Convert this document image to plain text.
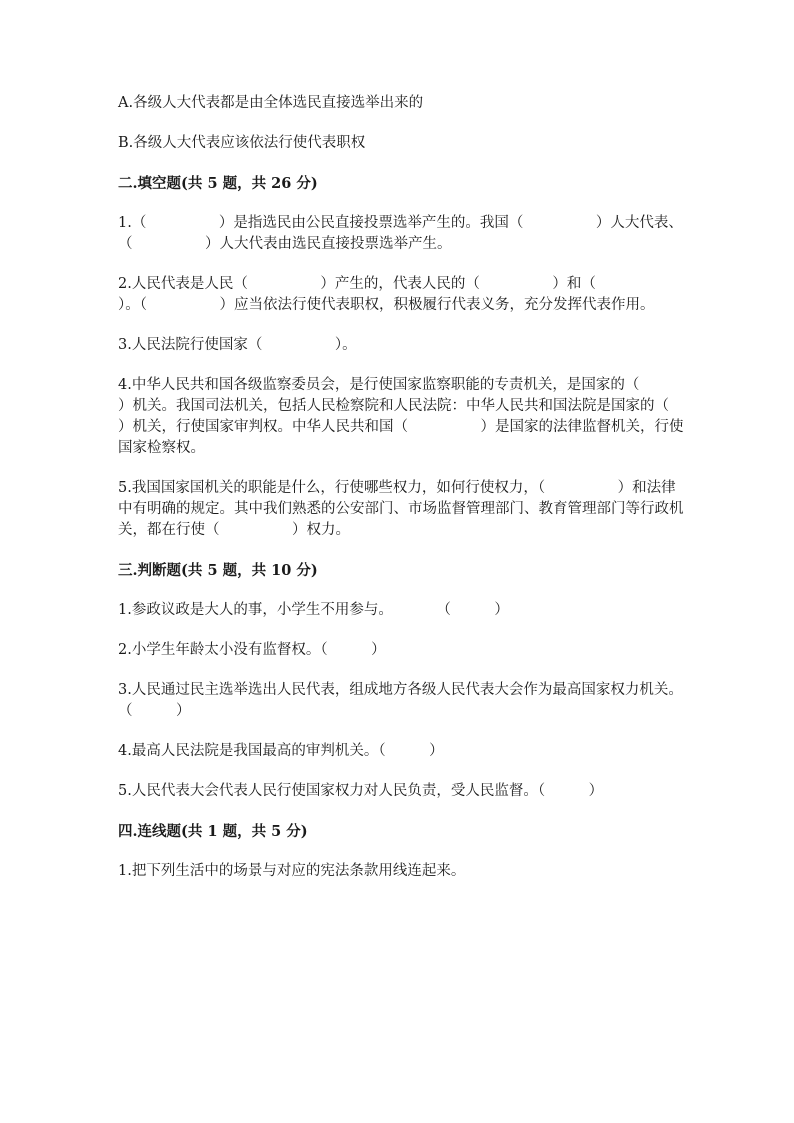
A.各级人大代表都是由全体选民直接选举出来的

B.各级人大代表应该依法行使代表职权

二.填空题(共 5 题，共 26 分)

1.（　　　　　）是指选民由公民直接投票选举产生的。我国（　　　　　）人大代表、（　　　　　）人大代表由选民直接投票选举产生。

2.人民代表是人民（　　　　　）产生的，代表人民的（　　　　　）和（　　　　　）。（　　　　　）应当依法行使代表职权，积极履行代表义务，充分发挥代表作用。

3.人民法院行使国家（　　　　　）。

4.中华人民共和国各级监察委员会，是行使国家监察职能的专责机关，是国家的（　　　　　）机关。我国司法机关，包括人民检察院和人民法院：中华人民共和国法院是国家的（　　　　　）机关，行使国家审判权。中华人民共和国（　　　　　）是国家的法律监督机关，行使国家检察权。

5.我国国家国机关的职能是什么，行使哪些权力，如何行使权力，（　　　　　）和法律中有明确的规定。其中我们熟悉的公安部门、市场监督管理部门、教育管理部门等行政机关，都在行使（　　　　　）权力。

三.判断题(共 5 题，共 10 分)

1.参政议政是大人的事，小学生不用参与。　　　　（　　　）

2.小学生年龄太小没有监督权。（　　　）

3.人民通过民主选举选出人民代表，组成地方各级人民代表大会作为最高国家权力机关。（　　　）

4.最高人民法院是我国最高的审判机关。（　　　）

5.人民代表大会代表人民行使国家权力对人民负责，受人民监督。（　　　）

四.连线题(共 1 题，共 5 分)

1.把下列生活中的场景与对应的宪法条款用线连起来。
